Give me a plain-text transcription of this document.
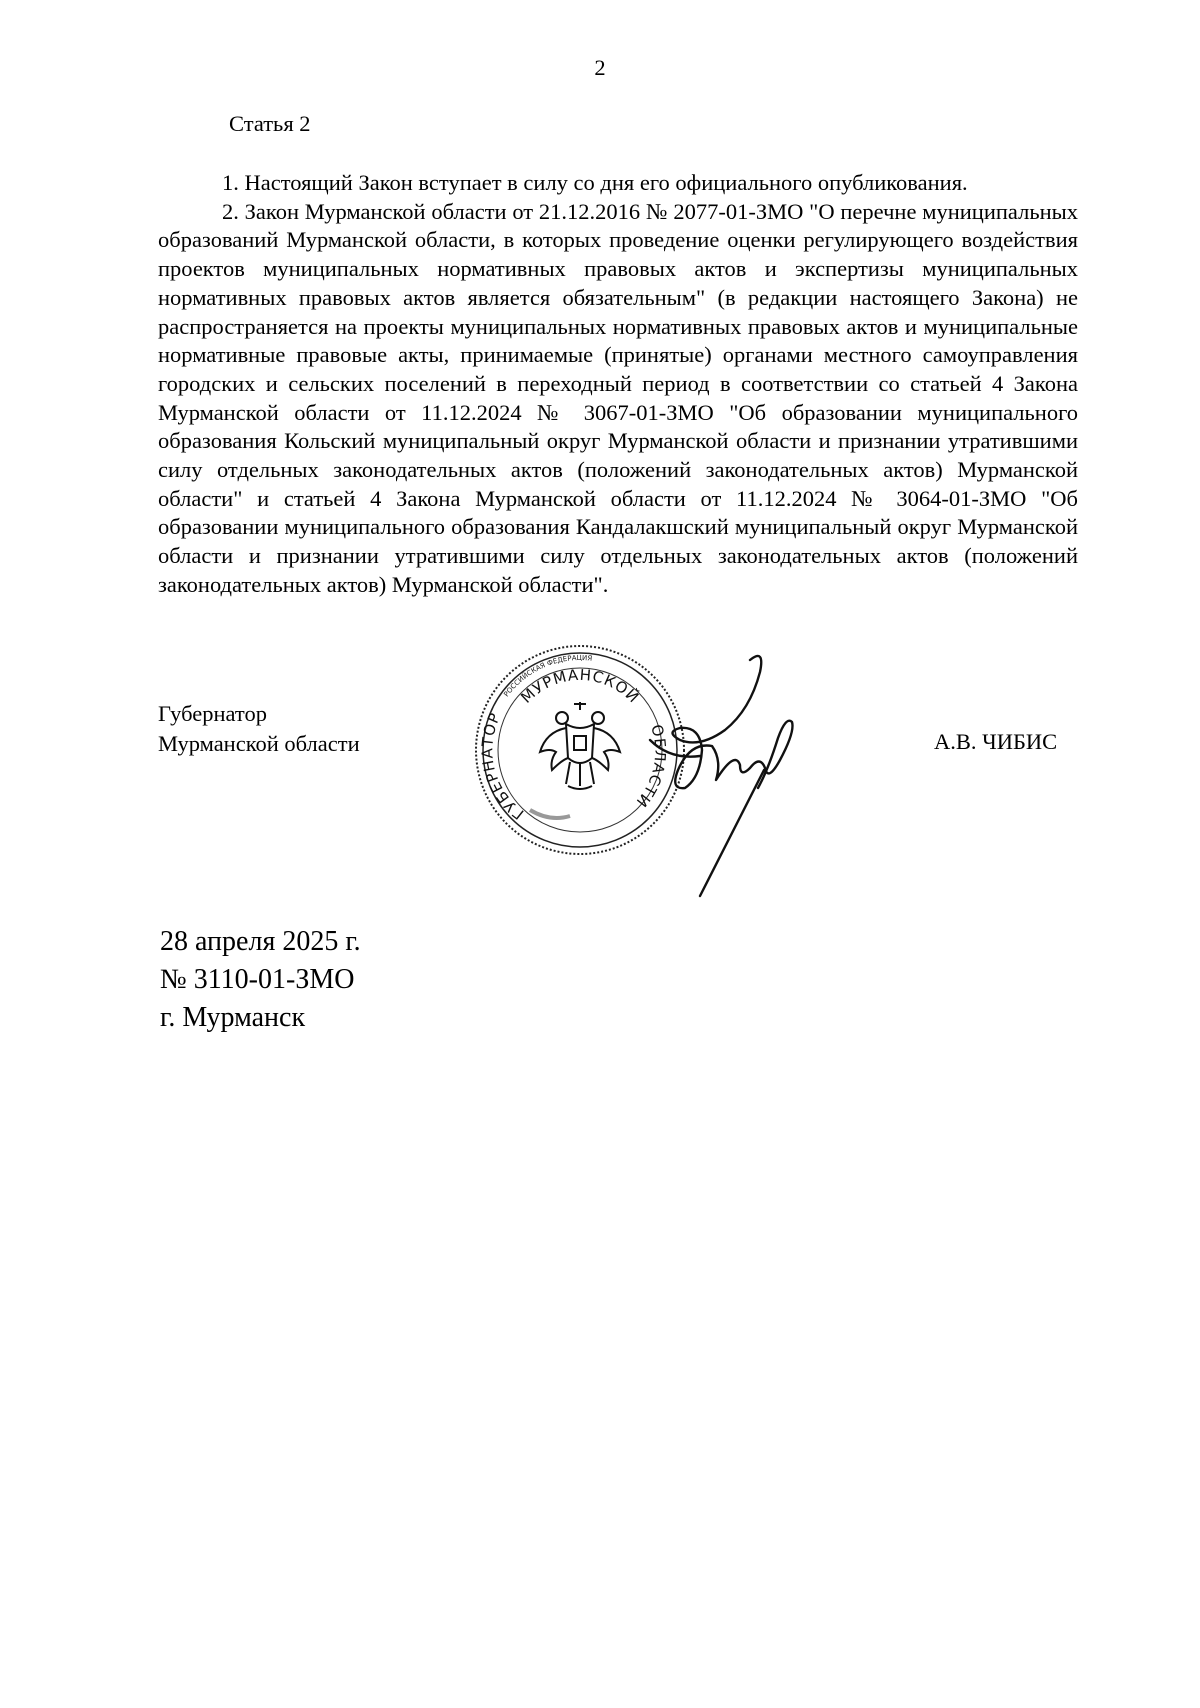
2
Статья 2

1. Настоящий Закон вступает в силу со дня его официального опубликования.

2. Закон Мурманской области от 21.12.2016 № 2077-01-ЗМО "О перечне муниципальных образований Мурманской области, в которых проведение оценки регулирующего воздействия проектов муниципальных нормативных правовых актов и экспертизы муниципальных нормативных правовых актов является обязательным" (в редакции настоящего Закона) не распространяется на проекты муниципальных нормативных правовых актов и муниципальные нормативные правовые акты, принимаемые (принятые) органами местного самоуправления городских и сельских поселений в переходный период в соответствии со статьей 4 Закона Мурманской области от 11.12.2024 № 3067-01-ЗМО "Об образовании муниципального образования Кольский муниципальный округ Мурманской области и признании утратившими силу отдельных законодательных актов (положений законодательных актов) Мурманской области" и статьей 4 Закона Мурманской области от 11.12.2024 № 3064-01-ЗМО "Об образовании муниципального образования Кандалакшский муниципальный округ Мурманской области и признании утратившими силу отдельных законодательных актов (положений законодательных актов) Мурманской области".

Губернатор
Мурманской области
РОССИЙСКАЯ ФЕДЕРАЦИЯ
МУРМАНСКОЙ
ГУБЕРНАТОР
ОБЛАСТИ
А.В. ЧИБИС
28 апреля 2025 г.
№ 3110-01-ЗМО
г. Мурманск
